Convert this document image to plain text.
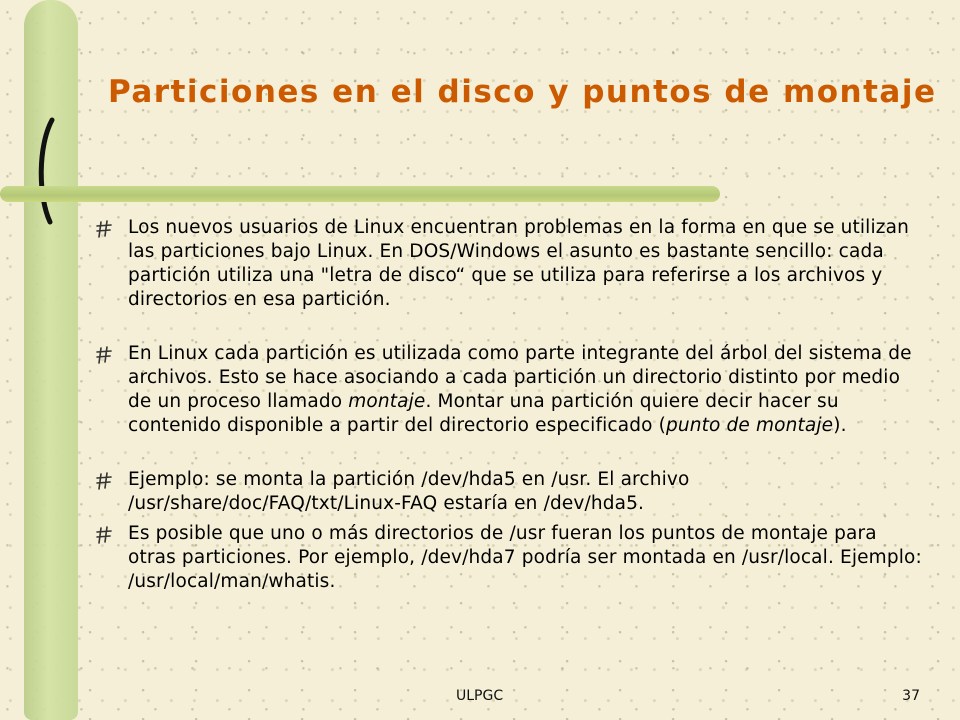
Particiones en el disco y puntos de montaje
Los nuevos usuarios de Linux encuentran problemas en la forma en que se utilizan las particiones bajo Linux. En DOS/Windows el asunto es bastante sencillo: cada partición utiliza una "letra de disco“ que se utiliza para referirse a los archivos y directorios en esa partición.
En Linux cada partición es utilizada como parte integrante del árbol del sistema de archivos. Esto se hace asociando a cada partición un directorio distinto por medio de un proceso llamado montaje. Montar una partición quiere decir hacer su contenido disponible a partir del directorio especificado (punto de montaje).
Ejemplo: se monta la partición /dev/hda5 en /usr. El archivo /usr/share/doc/FAQ/txt/Linux-FAQ estaría en /dev/hda5.
Es posible que uno o más directorios de /usr fueran los puntos de montaje para otras particiones. Por ejemplo, /dev/hda7 podría ser montada en /usr/local. Ejemplo: /usr/local/man/whatis.
ULPGC	37
